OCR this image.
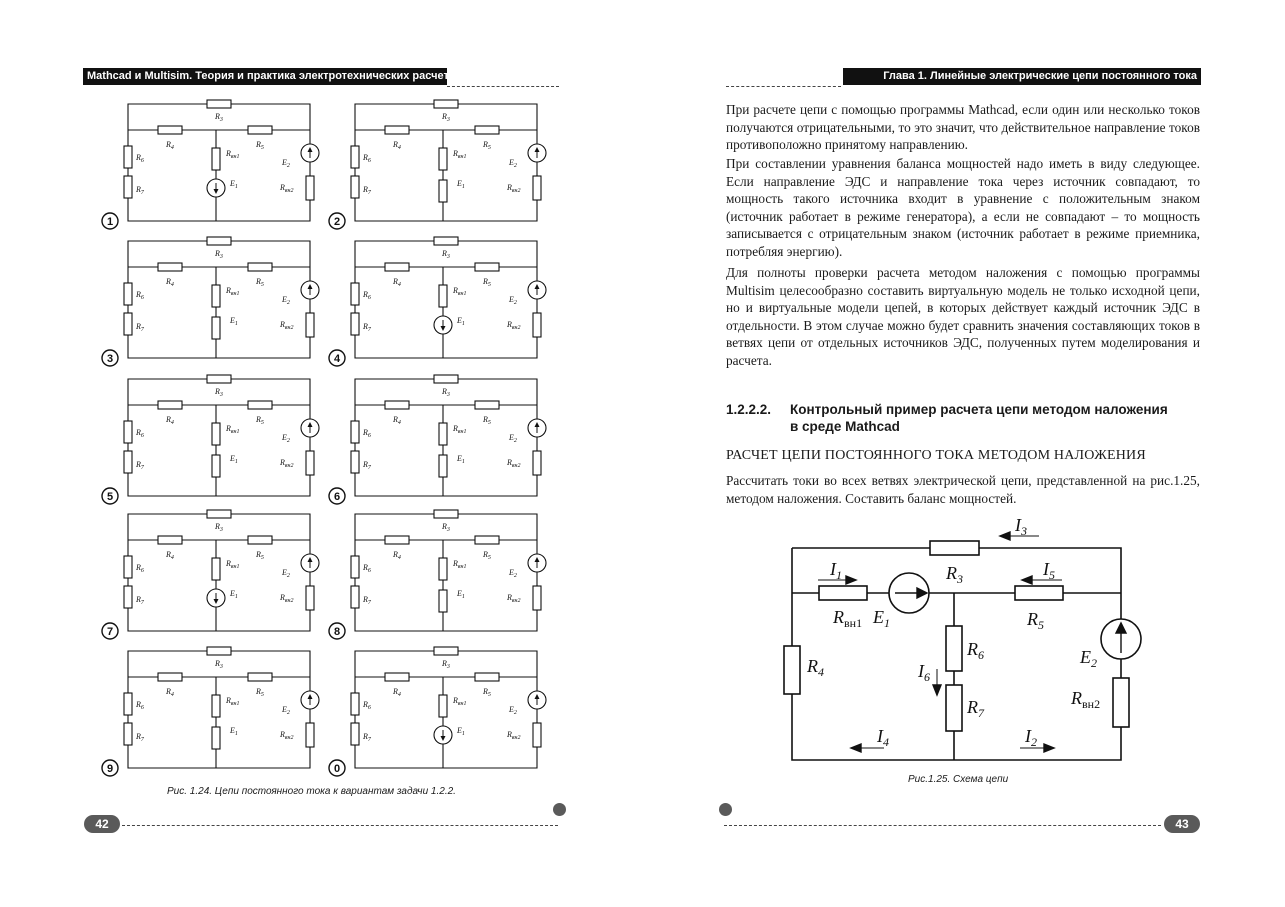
Mathcad и Multisim. Теория и практика электротехнических расчетов
$R_3$
$R_4$	$R_5$
$R_6$
$R_7$
$R_{вн1}$
$E_1$
$E_2$
$R_{вн2}$
1
$R_3$
$R_4$	$R_5$
$R_6$
$R_7$
$R_{вн1}$
$E_1$
$E_2$
$R_{вн2}$
2
$R_3$
$R_4$	$R_5$
$R_6$
$R_7$
$R_{вн1}$
$E_1$
$E_2$
$R_{вн2}$
3
$R_3$
$R_4$	$R_5$
$R_6$
$R_7$
$R_{вн1}$
$E_1$
$E_2$
$R_{вн2}$
4
$R_3$
$R_4$	$R_5$
$R_6$
$R_7$
$R_{вн1}$
$E_1$
$E_2$
$R_{вн2}$
5
$R_3$
$R_4$	$R_5$
$R_6$
$R_7$
$R_{вн1}$
$E_1$
$E_2$
$R_{вн2}$
6
$R_3$
$R_4$	$R_5$
$R_6$
$R_7$
$R_{вн1}$
$E_1$
$E_2$
$R_{вн2}$
7
$R_3$
$R_4$	$R_5$
$R_6$
$R_7$
$R_{вн1}$
$E_1$
$E_2$
$R_{вн2}$
8
$R_3$
$R_4$	$R_5$
$R_6$
$R_7$
$R_{вн1}$
$E_1$
$E_2$
$R_{вн2}$
9
$R_3$
$R_4$	$R_5$
$R_6$
$R_7$
$R_{вн1}$
$E_1$
$E_2$
$R_{вн2}$
0
Рис. 1.24. Цепи постоянного тока к вариантам задачи 1.2.2.
42
Глава 1. Линейные электрические цепи постоянного тока

При расчете цепи с помощью программы Mathcad, если один или несколько токов получаются отрицательными, то это значит, что действительное направление токов противоположно принятому направлению.

При составлении уравнения баланса мощностей надо иметь в виду следующее. Если направление ЭДС и направление тока через источник совпадают, то мощность такого источника входит в уравнение с положительным знаком (источник работает в режиме генератора), а если не совпадают – то мощность записывается с отрицательным знаком (источник работает в режиме приемника, потребляя энергию).

Для полноты проверки расчета методом наложения с помощью программы Multisim целесообразно составить виртуальную модель не только исходной цепи, но и виртуальные модели цепей, в которых действует каждый источник ЭДС в отдельности. В этом случае можно будет сравнить значения составляющих токов в ветвях цепи от отдельных источников ЭДС, полученных путем моделирования и расчета.

1.2.2.2. Контрольный пример расчета цепи методом наложения
в среде Mathcad
РАСЧЕТ ЦЕПИ ПОСТОЯННОГО ТОКА МЕТОДОМ НАЛОЖЕНИЯ

Рассчитать токи во всех ветвях электрической цепи, представленной на рис.1.25, методом наложения. Составить баланс мощностей.

$I_3$
$R_3$
$I_1$	$I_5$
$R_{вн1}$ $E_1$	$R_5$
$R_6$	$E_2$
$R_4$	$I_6$
$R_{вн2}$
$R_7$
$I_4$	$I_2$
Рис.1.25. Схема цепи
43
